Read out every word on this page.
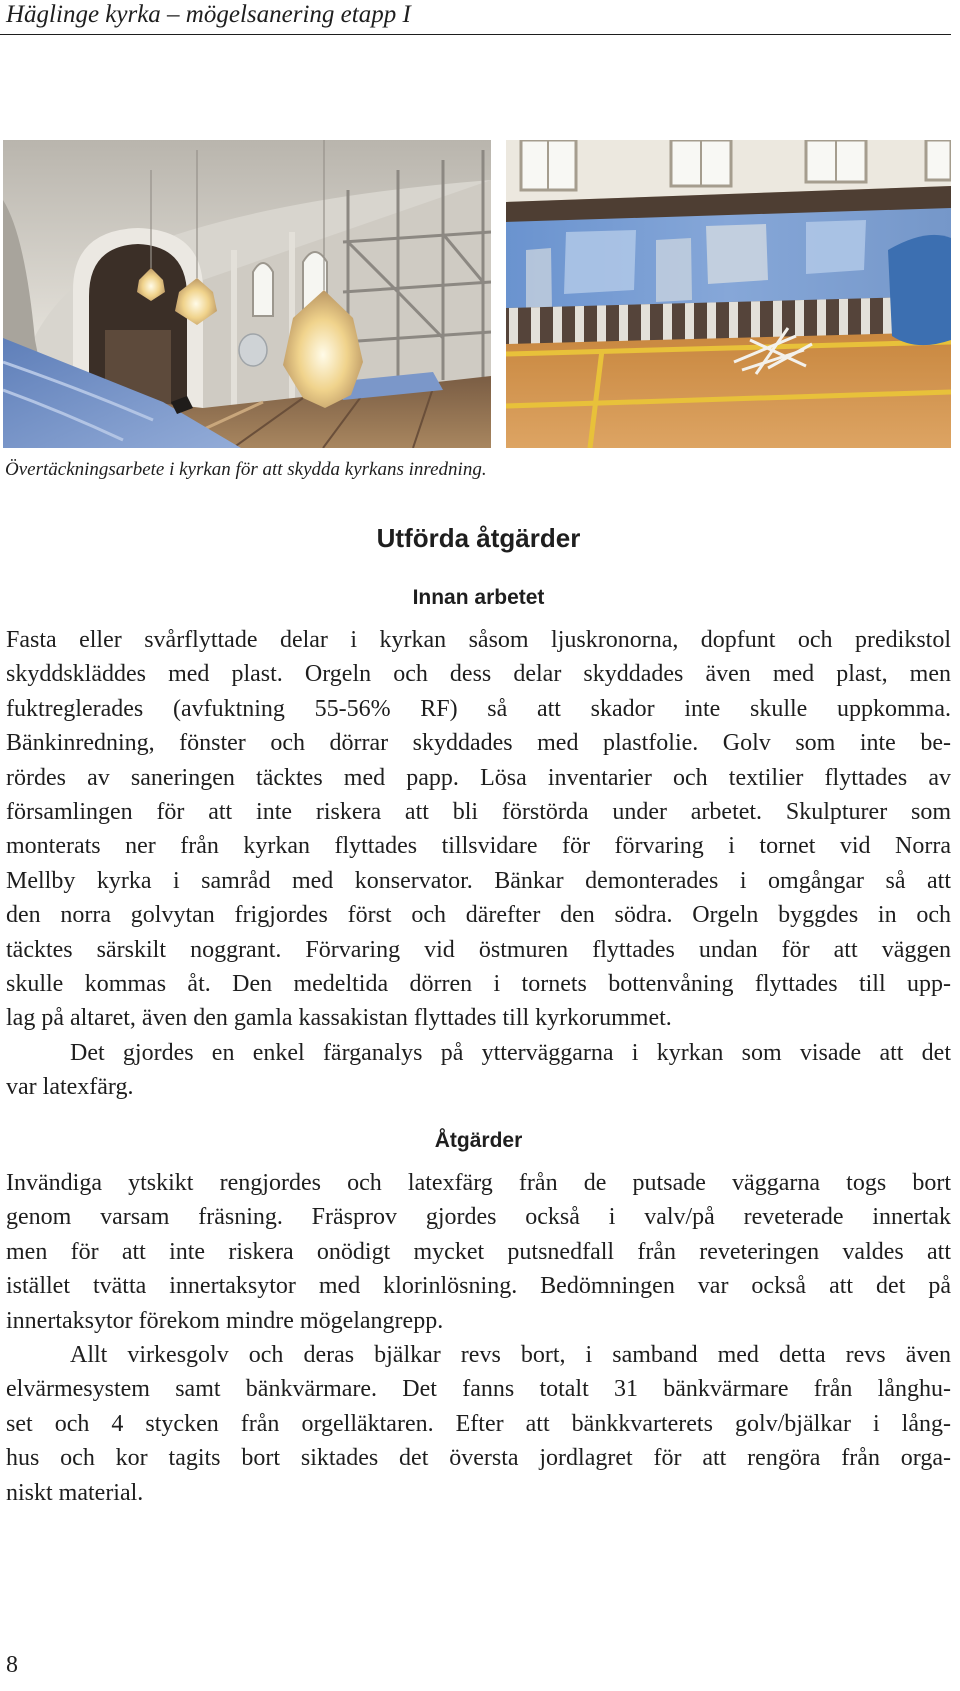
Häglinge kyrka – mögelsanering etapp I
Övertäckningsarbete i kyrkan för att skydda kyrkans inredning.
Utförda åtgärder
Innan arbetet
Fasta eller svårflyttade delar i kyrkan såsom ljuskronorna, dopfunt och predikstol
skyddskläddes med plast. Orgeln och dess delar skyddades även med plast, men
fuktreglerades (avfuktning 55-56% RF) så att skador inte skulle uppkomma.
Bänkinredning, fönster och dörrar skyddades med plastfolie. Golv som inte be-
rördes av saneringen täcktes med papp. Lösa inventarier och textilier flyttades av
församlingen för att inte riskera att bli förstörda under arbetet. Skulpturer som
monterats ner från kyrkan flyttades tillsvidare för förvaring i tornet vid Norra
Mellby kyrka i samråd med konservator. Bänkar demonterades i omgångar så att
den norra golvytan frigjordes först och därefter den södra. Orgeln byggdes in och
täcktes särskilt noggrant. Förvaring vid östmuren flyttades undan för att väggen
skulle kommas åt. Den medeltida dörren i tornets bottenvåning flyttades till upp-
lag på altaret, även den gamla kassakistan flyttades till kyrkorummet.
Det gjordes en enkel färganalys på ytterväggarna i kyrkan som visade att det
var latexfärg.
Åtgärder
Invändiga ytskikt rengjordes och latexfärg från de putsade väggarna togs bort
genom varsam fräsning. Fräsprov gjordes också i valv/på reveterade innertak
men för att inte riskera onödigt mycket putsnedfall från reveteringen valdes att
istället tvätta innertaksytor med klorinlösning. Bedömningen var också att det på
innertaksytor förekom mindre mögelangrepp.
Allt virkesgolv och deras bjälkar revs bort, i samband med detta revs även
elvärmesystem samt bänkvärmare. Det fanns totalt 31 bänkvärmare från långhu-
set och 4 stycken från orgelläktaren. Efter att bänkkvarterets golv/bjälkar i lång-
hus och kor tagits bort siktades det översta jordlagret för att rengöra från orga-
niskt material.
8
